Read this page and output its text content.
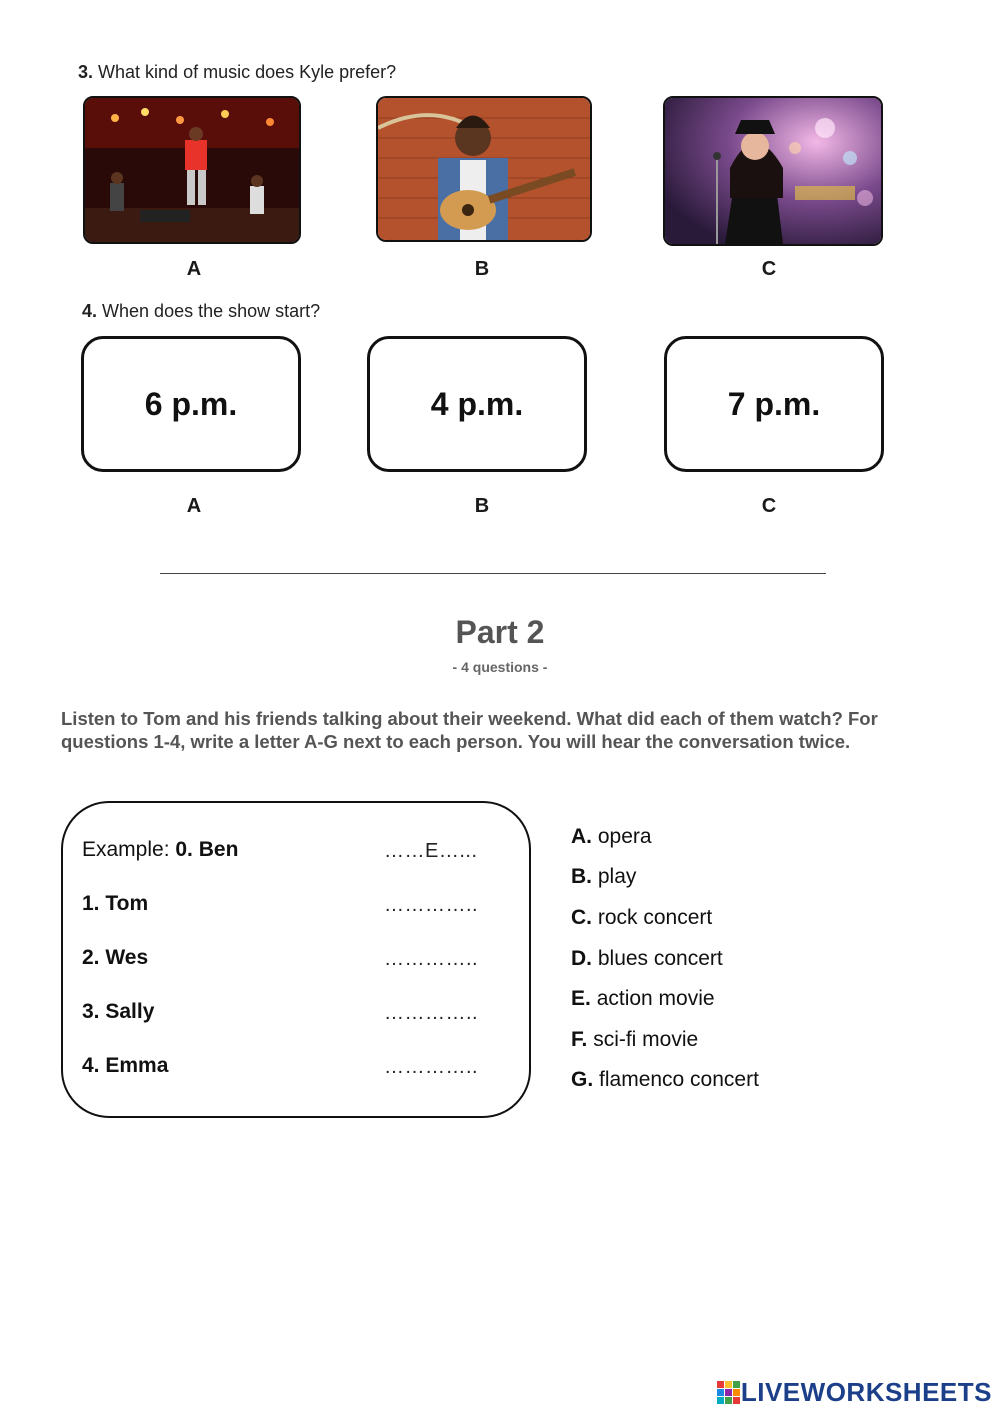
3. What kind of music does Kyle prefer?
A	B	C
4. When does the show start?
6 p.m.
A
4 p.m.
B
7 p.m.
C
Part 2
- 4 questions -
Listen to Tom and his friends talking about their weekend. What did each of them watch? For questions 1-4, write a letter A-G next to each person. You will hear the conversation twice.
Example: 0. Ben	……E…...
1. Tom	…………..
2. Wes	…………..
3. Sally	…………..
4. Emma	…………..
A. opera
B. play
C. rock concert
D. blues concert
E. action movie
F. sci-fi movie
G. flamenco concert
LIVEWORKSHEETS
